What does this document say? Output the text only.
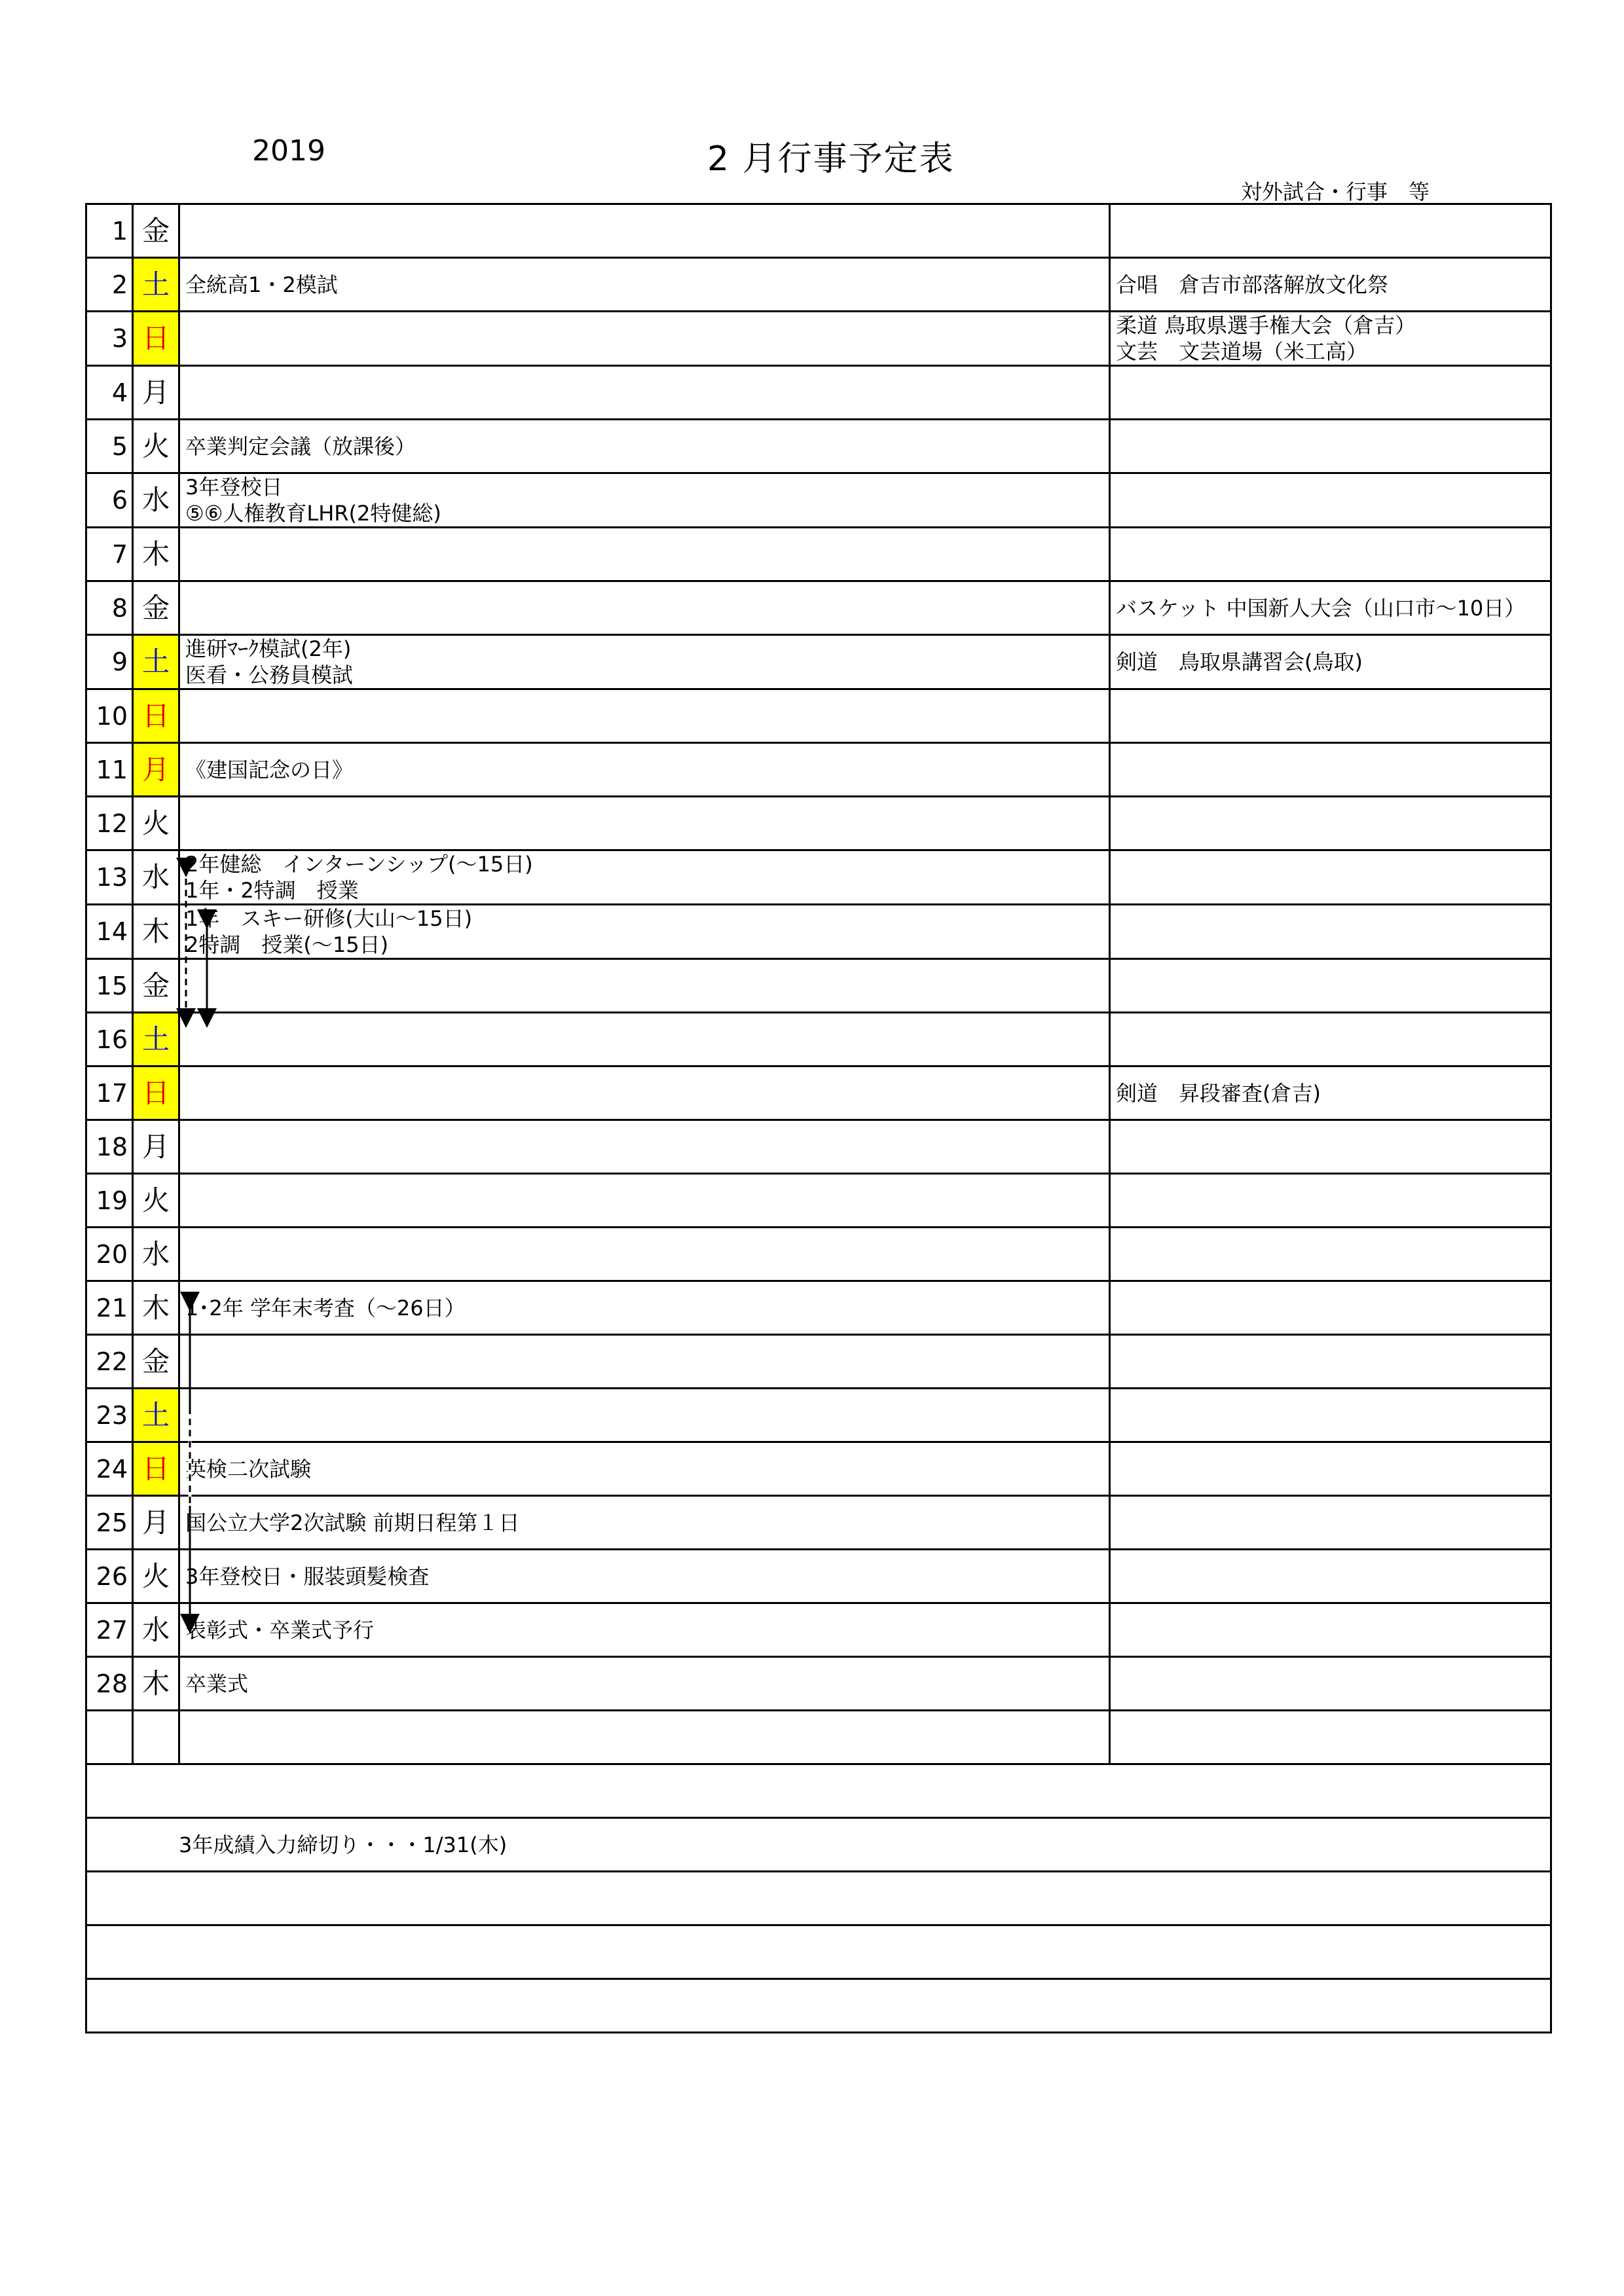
2019	2 月行事予定表
対外試合・行事　等
1	金	

2	土	全統高1・2模試	合唱　倉吉市部落解放文化祭

3	日		柔道 鳥取県選手権大会（倉吉）
文芸　文芸道場（米工高）

4	月	

5	火	卒業判定会議（放課後）	

6	水	3年登校日
⑤⑥人権教育LHR(2特健総)	

7	木	

8	金		バスケット 中国新人大会（山口市～10日）

9	土	進研ﾏｰｸ模試(2年)
医看・公務員模試	剣道　鳥取県講習会(鳥取)

10	日	

11	月	《建国記念の日》	

12	火	

13	水	2年健総　インターンシップ(～15日)
1年・2特調　授業	

14	木	1年　スキー研修(大山～15日)
2特調　授業(～15日)	

15	金	

16	土	

17	日		剣道　昇段審査(倉吉)

18	月	

19	火	

20	水	

21	木	1･2年 学年末考査（～26日）	

22	金	

23	土	

24	日	英検二次試験	

25	月	国公立大学2次試験 前期日程第１日	

26	火	3年登校日・服装頭髪検査	

27	水	表彰式・卒業式予行	

28	木	卒業式	

3年成績入力締切り・・・1/31(木)			
